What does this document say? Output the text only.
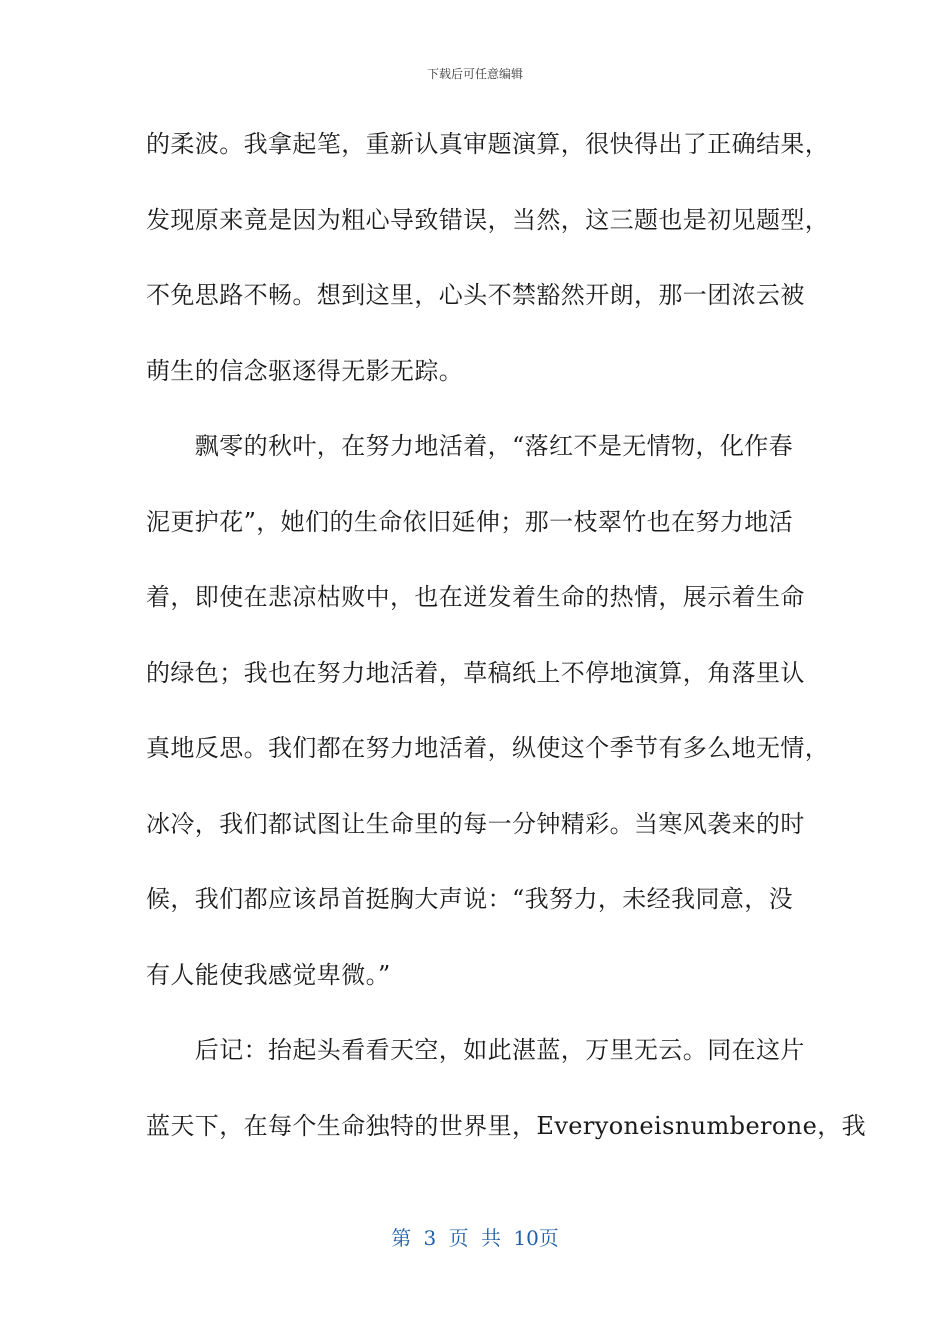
下载后可任意编辑
的柔波。我拿起笔，重新认真审题演算，很快得出了正确结果，
发现原来竟是因为粗心导致错误，当然，这三题也是初见题型，
不免思路不畅。想到这里，心头不禁豁然开朗，那一团浓云被
萌生的信念驱逐得无影无踪。
　　飘零的秋叶，在努力地活着，“落红不是无情物，化作春
泥更护花”，她们的生命依旧延伸；那一枝翠竹也在努力地活
着，即使在悲凉枯败中，也在迸发着生命的热情，展示着生命
的绿色；我也在努力地活着，草稿纸上不停地演算，角落里认
真地反思。我们都在努力地活着，纵使这个季节有多么地无情，
冰冷，我们都试图让生命里的每一分钟精彩。当寒风袭来的时
候，我们都应该昂首挺胸大声说：“我努力，未经我同意，没
有人能使我感觉卑微。”
　　后记：抬起头看看天空，如此湛蓝，万里无云。同在这片
蓝天下，在每个生命独特的世界里，Everyoneisnumberone，我
第 3 页 共 10页
